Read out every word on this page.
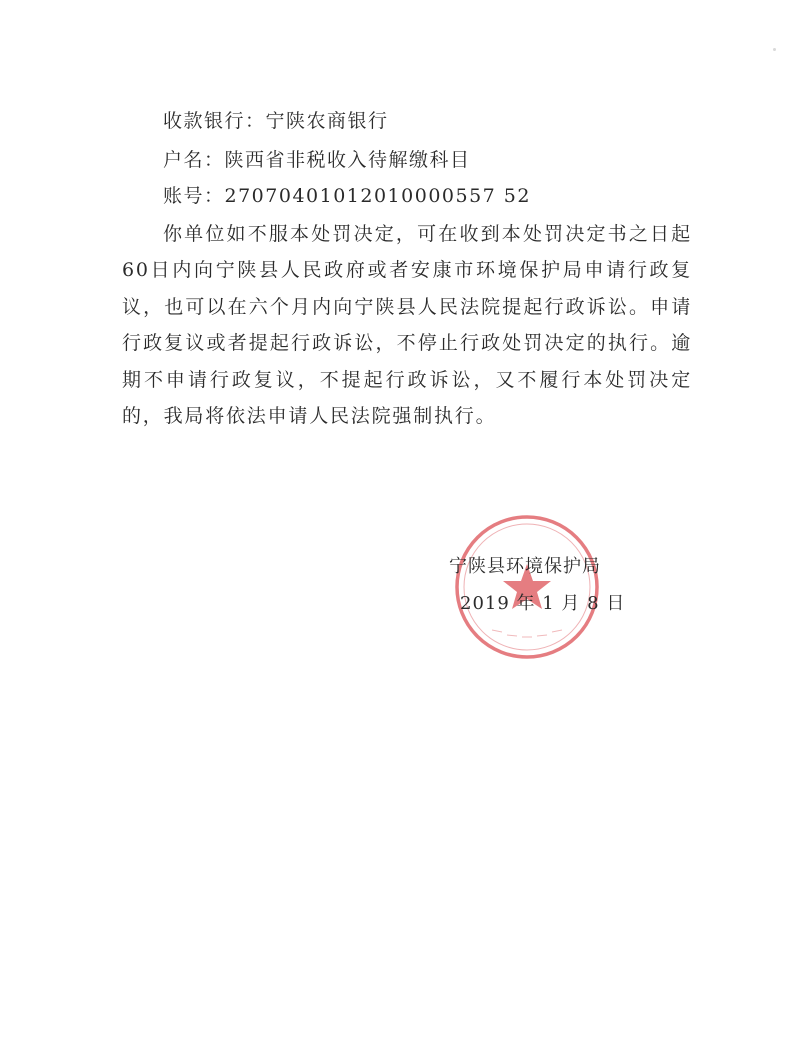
收款银行：宁陕农商银行
户名：陕西省非税收入待解缴科目
账号：27070401012010000557 52

你单位如不服本处罚决定，可在收到本处罚决定书之日起60日内向宁陕县人民政府或者安康市环境保护局申请行政复议，也可以在六个月内向宁陕县人民法院提起行政诉讼。申请行政复议或者提起行政诉讼，不停止行政处罚决定的执行。逾期不申请行政复议，不提起行政诉讼，又不履行本处罚决定的，我局将依法申请人民法院强制执行。

宁陕县环境保护局
2019 年 1 月 8 日
